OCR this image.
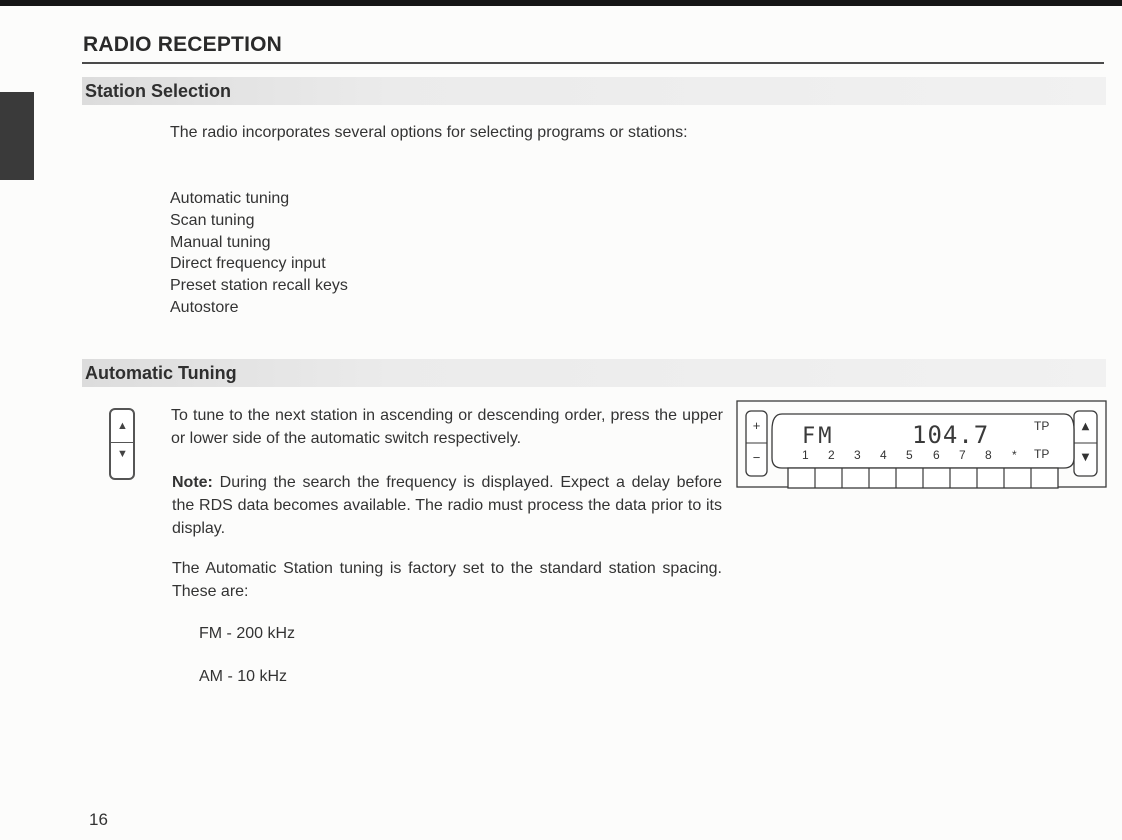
RADIO RECEPTION
Station Selection

The radio incorporates several options for selecting programs or stations:

Automatic tuning
Scan tuning
Manual tuning
Direct frequency input
Preset station recall keys
Autostore
Automatic Tuning
▲
▼

To tune to the next station in ascending or descending order, press the upper or lower side of the automatic switch respectively.

Note: During the search the frequency is displayed. Expect a delay before the RDS data becomes available. The radio must process the data prior to its display.

The Automatic Station tuning is factory set to the standard station spacing. These are:

FM - 200 kHz
AM - 10 kHz
+
−
▲
▼
FM	104.7	TP
TP
1 2 3 4 5 6 7 8 *
16
